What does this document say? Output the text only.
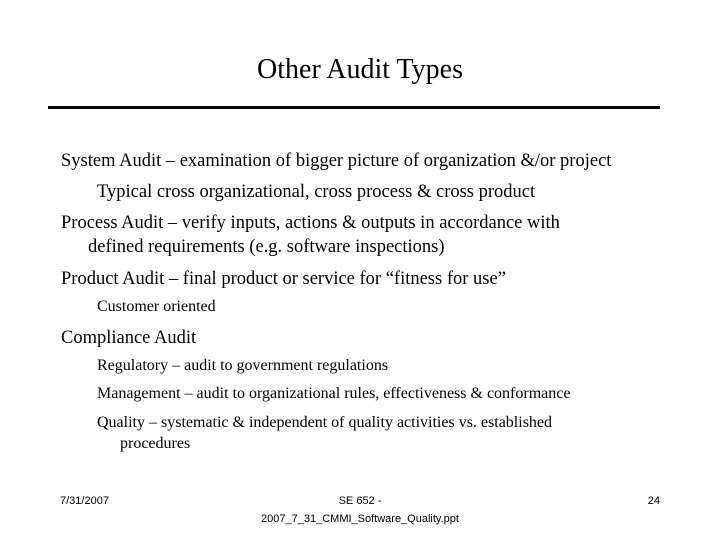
Other Audit Types
System Audit – examination of bigger picture of organization &/or project
Typical cross organizational, cross process & cross product
Process Audit – verify inputs, actions & outputs in accordance with
defined requirements (e.g. software inspections)
Product Audit – final product or service for “fitness for use”
Customer oriented
Compliance Audit
Regulatory – audit to government regulations
Management – audit to organizational rules, effectiveness & conformance
Quality – systematic & independent of quality activities vs. established
procedures
7/31/2007	SE 652 -
2007_7_31_CMMI_Software_Quality.ppt
24
